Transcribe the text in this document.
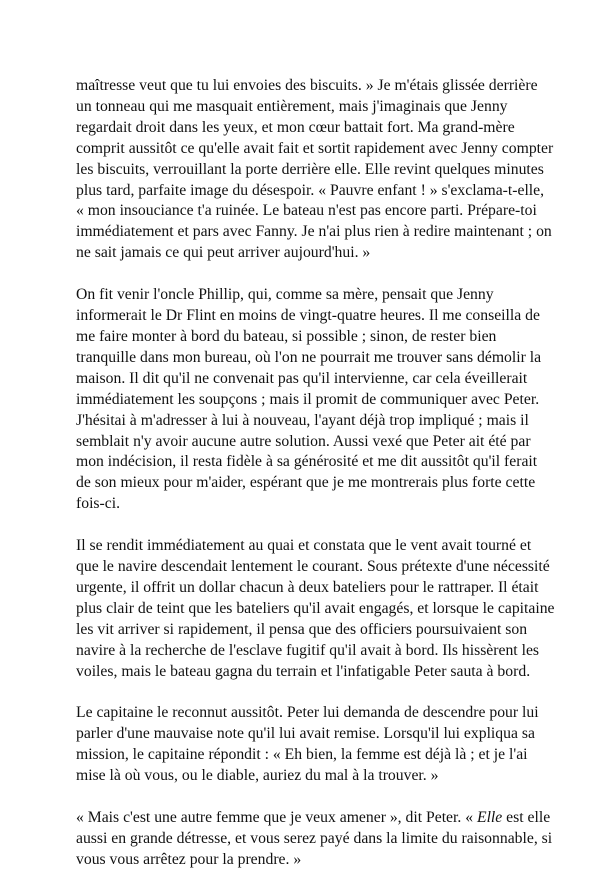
maîtresse veut que tu lui envoies des biscuits. » Je m'étais glissée derrière
un tonneau qui me masquait entièrement, mais j'imaginais que Jenny
regardait droit dans les yeux, et mon cœur battait fort. Ma grand-mère
comprit aussitôt ce qu'elle avait fait et sortit rapidement avec Jenny compter
les biscuits, verrouillant la porte derrière elle. Elle revint quelques minutes
plus tard, parfaite image du désespoir. « Pauvre enfant ! » s'exclama-t-elle,
« mon insouciance t'a ruinée. Le bateau n'est pas encore parti. Prépare-toi
immédiatement et pars avec Fanny. Je n'ai plus rien à redire maintenant ; on
ne sait jamais ce qui peut arriver aujourd'hui. »

On fit venir l'oncle Phillip, qui, comme sa mère, pensait que Jenny
informerait le Dr Flint en moins de vingt-quatre heures. Il me conseilla de
me faire monter à bord du bateau, si possible ; sinon, de rester bien
tranquille dans mon bureau, où l'on ne pourrait me trouver sans démolir la
maison. Il dit qu'il ne convenait pas qu'il intervienne, car cela éveillerait
immédiatement les soupçons ; mais il promit de communiquer avec Peter.
J'hésitai à m'adresser à lui à nouveau, l'ayant déjà trop impliqué ; mais il
semblait n'y avoir aucune autre solution. Aussi vexé que Peter ait été par
mon indécision, il resta fidèle à sa générosité et me dit aussitôt qu'il ferait
de son mieux pour m'aider, espérant que je me montrerais plus forte cette
fois-ci.

Il se rendit immédiatement au quai et constata que le vent avait tourné et
que le navire descendait lentement le courant. Sous prétexte d'une nécessité
urgente, il offrit un dollar chacun à deux bateliers pour le rattraper. Il était
plus clair de teint que les bateliers qu'il avait engagés, et lorsque le capitaine
les vit arriver si rapidement, il pensa que des officiers poursuivaient son
navire à la recherche de l'esclave fugitif qu'il avait à bord. Ils hissèrent les
voiles, mais le bateau gagna du terrain et l'infatigable Peter sauta à bord.

Le capitaine le reconnut aussitôt. Peter lui demanda de descendre pour lui
parler d'une mauvaise note qu'il lui avait remise. Lorsqu'il lui expliqua sa
mission, le capitaine répondit : « Eh bien, la femme est déjà là ; et je l'ai
mise là où vous, ou le diable, auriez du mal à la trouver. »

« Mais c'est une autre femme que je veux amener », dit Peter. « Elle est elle
aussi en grande détresse, et vous serez payé dans la limite du raisonnable, si
vous vous arrêtez pour la prendre. »
